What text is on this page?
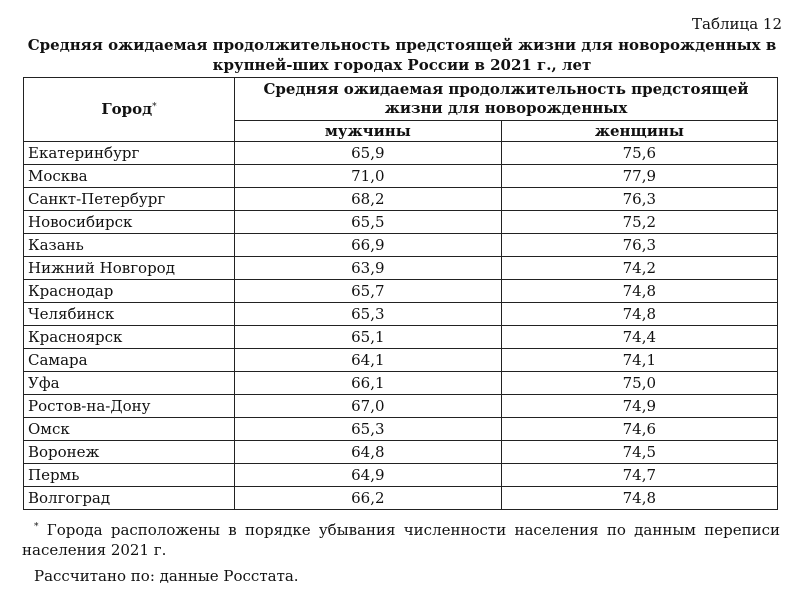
Таблица 12
Средняя ожидаемая продолжительность предстоящей жизни для новорожденных в крупней-ших городах России в 2021 г., лет
Город*	Средняя ожидаемая продолжительность предстоящей жизни для новорожденных	
	мужчины	женщины
Екатеринбург	65,9	75,6
Москва	71,0	77,9
Санкт-Петербург	68,2	76,3
Новосибирск	65,5	75,2
Казань	66,9	76,3
Нижний Новгород	63,9	74,2
Краснодар	65,7	74,8
Челябинск	65,3	74,8
Красноярск	65,1	74,4
Самара	64,1	74,1
Уфа	66,1	75,0
Ростов-на-Дону	67,0	74,9
Омск	65,3	74,6
Воронеж	64,8	74,5
Пермь	64,9	74,7
Волгоград	66,2	74,8
* Города расположены в порядке убывания численности населения по данным переписи населения 2021 г.
Рассчитано по: данные Росстата.
